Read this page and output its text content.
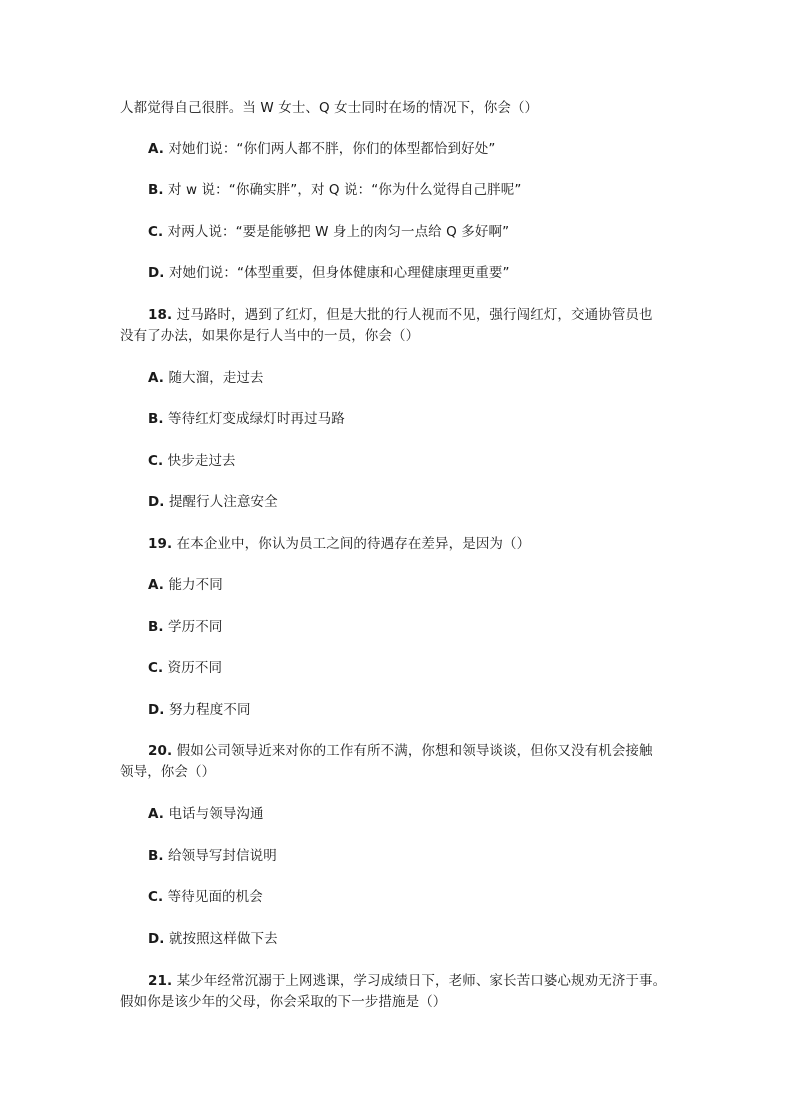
人都觉得自己很胖。当 W 女士、Q 女士同时在场的情况下，你会（）
A. 对她们说：“你们两人都不胖，你们的体型都恰到好处”
B. 对 w 说：“你确实胖”，对 Q 说：“你为什么觉得自己胖呢”
C. 对两人说：“要是能够把 W 身上的肉匀一点给 Q 多好啊”
D. 对她们说：“体型重要，但身体健康和心理健康理更重要”
18. 过马路时，遇到了红灯，但是大批的行人视而不见，强行闯红灯，交通协管员也
没有了办法，如果你是行人当中的一员，你会（）
A. 随大溜，走过去
B. 等待红灯变成绿灯时再过马路
C. 快步走过去
D. 提醒行人注意安全
19. 在本企业中，你认为员工之间的待遇存在差异，是因为（）
A. 能力不同
B. 学历不同
C. 资历不同
D. 努力程度不同
20. 假如公司领导近来对你的工作有所不满，你想和领导谈谈，但你又没有机会接触
领导，你会（）
A. 电话与领导沟通
B. 给领导写封信说明
C. 等待见面的机会
D. 就按照这样做下去
21. 某少年经常沉溺于上网逃课，学习成绩日下，老师、家长苦口婆心规劝无济于事。
假如你是该少年的父母，你会采取的下一步措施是（）
